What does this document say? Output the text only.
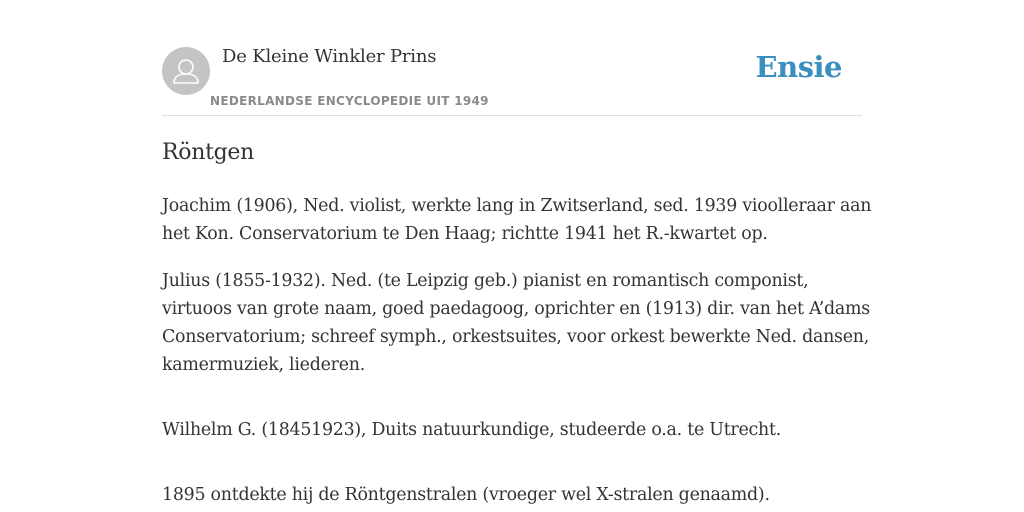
De Kleine Winkler Prins
NEDERLANDSE ENCYCLOPEDIE UIT 1949
Ensie
Röntgen

Joachim (1906), Ned. violist, werkte lang in Zwitserland, sed. 1939 vioolleraar aan het Kon. Conservatorium te Den Haag; richtte 1941 het R.-kwartet op.

Julius (1855-1932). Ned. (te Leipzig geb.) pianist en romantisch componist, virtuoos van grote naam, goed paedagoog, oprichter en (1913) dir. van het A’dams Conservatorium; schreef symph., orkestsuites, voor orkest bewerkte Ned. dansen, kamermuziek, liederen.

Wilhelm G. (18451923), Duits natuurkundige, studeerde o.a. te Utrecht.

1895 ontdekte hij de Röntgenstralen (vroeger wel X-stralen genaamd).
